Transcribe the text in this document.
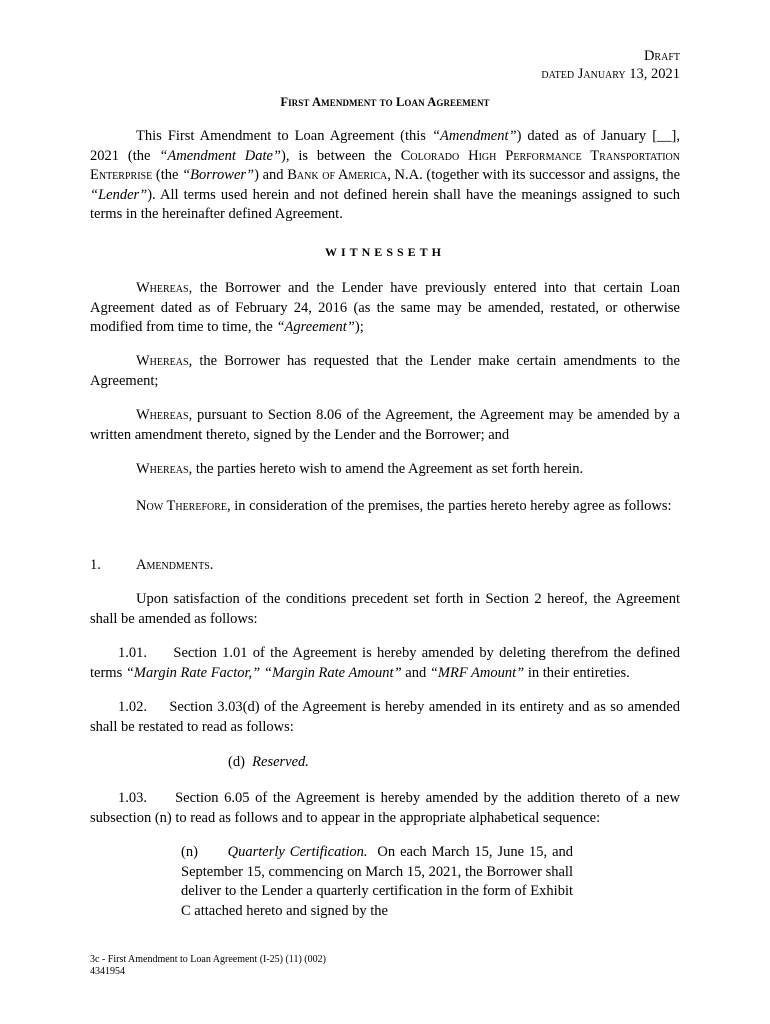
Draft
dated January 13, 2021
First Amendment to Loan Agreement
This First Amendment to Loan Agreement (this “Amendment”) dated as of January [__], 2021 (the “Amendment Date”), is between the Colorado High Performance Transportation Enterprise (the “Borrower”) and Bank of America, N.A. (together with its successor and assigns, the “Lender”). All terms used herein and not defined herein shall have the meanings assigned to such terms in the hereinafter defined Agreement.
WITNESSETH
Whereas, the Borrower and the Lender have previously entered into that certain Loan Agreement dated as of February 24, 2016 (as the same may be amended, restated, or otherwise modified from time to time, the “Agreement”);
Whereas, the Borrower has requested that the Lender make certain amendments to the Agreement;
Whereas, pursuant to Section 8.06 of the Agreement, the Agreement may be amended by a written amendment thereto, signed by the Lender and the Borrower; and
Whereas, the parties hereto wish to amend the Agreement as set forth herein.
Now Therefore, in consideration of the premises, the parties hereto hereby agree as follows:
1. Amendments.
Upon satisfaction of the conditions precedent set forth in Section 2 hereof, the Agreement shall be amended as follows:
1.01. Section 1.01 of the Agreement is hereby amended by deleting therefrom the defined terms “Margin Rate Factor,” “Margin Rate Amount” and “MRF Amount” in their entireties.
1.02. Section 3.03(d) of the Agreement is hereby amended in its entirety and as so amended shall be restated to read as follows:
(d) Reserved.
1.03. Section 6.05 of the Agreement is hereby amended by the addition thereto of a new subsection (n) to read as follows and to appear in the appropriate alphabetical sequence:
(n) Quarterly Certification. On each March 15, June 15, and September 15, commencing on March 15, 2021, the Borrower shall deliver to the Lender a quarterly certification in the form of Exhibit C attached hereto and signed by the
3c - First Amendment to Loan Agreement (I-25) (11) (002)
4341954
